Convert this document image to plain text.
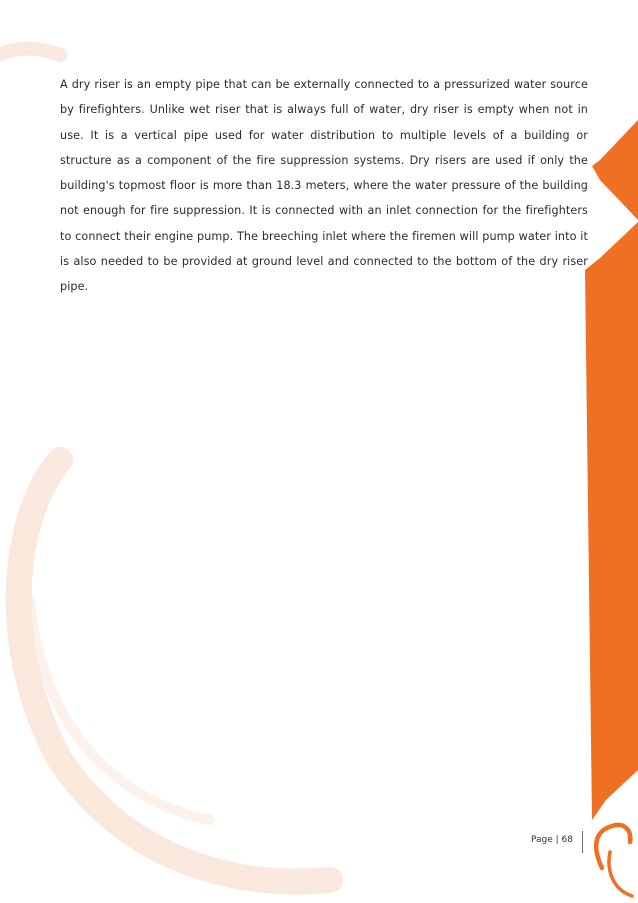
A dry riser is an empty pipe that can be externally connected to a pressurized water source by firefighters. Unlike wet riser that is always full of water, dry riser is empty when not in use. It is a vertical pipe used for water distribution to multiple levels of a building or structure as a component of the fire suppression systems. Dry risers are used if only the building's topmost floor is more than 18.3 meters, where the water pressure of the building not enough for fire suppression. It is connected with an inlet connection for the firefighters to connect their engine pump. The breeching inlet where the firemen will pump water into it is also needed to be provided at ground level and connected to the bottom of the dry riser pipe.

Page | 68
